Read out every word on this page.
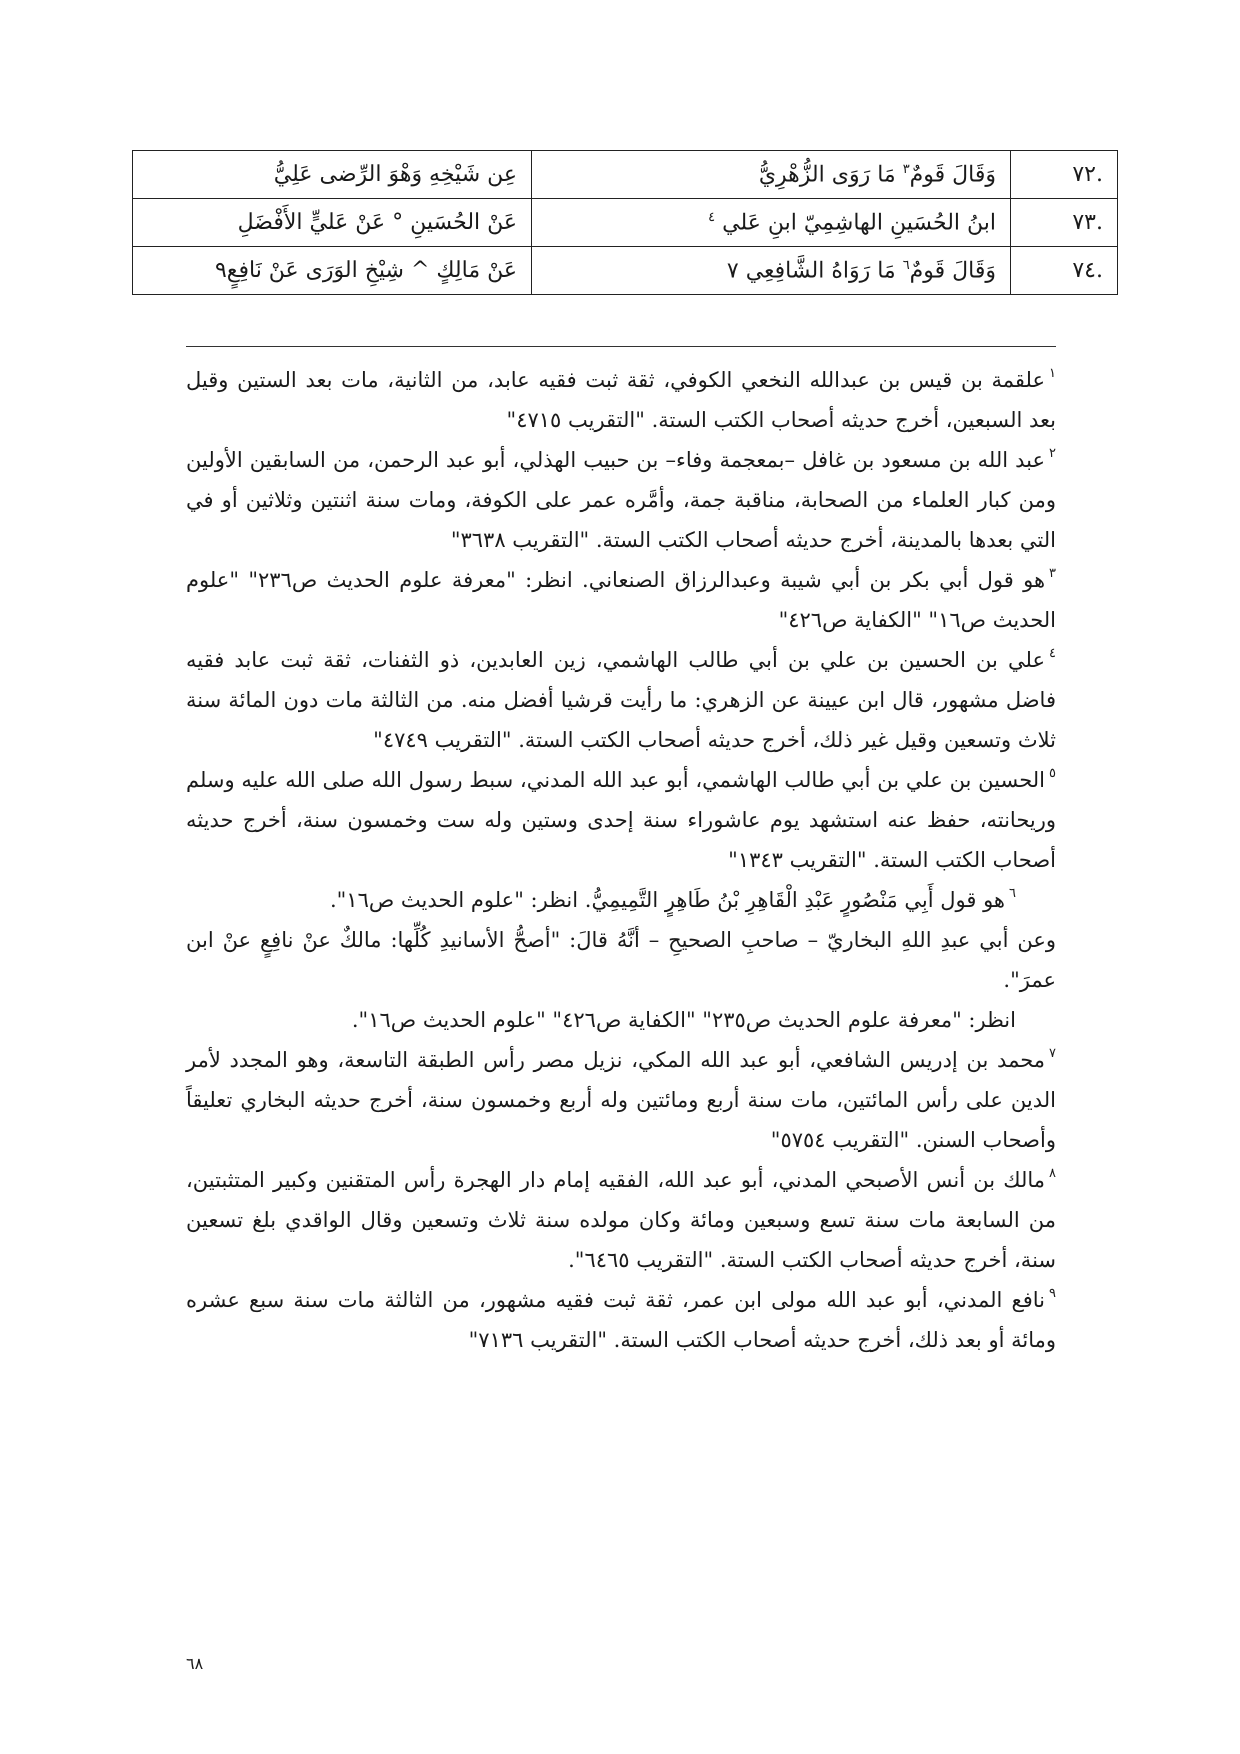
.٧٢	وَقَالَ قَومٌ$^٣$ مَا رَوَى الزُّهْرِيُّ	عِن شَيْخِهِ وَهْوَ الرِّضى عَلِيُّ
.٧٣	ابنُ الحُسَينِ الهاشِمِيّ ابنِ عَلي $^٤$	عَنْ الحُسَينِ ° عَنْ عَليٍّ الأَفْضَلِ
.٧٤	وَقَالَ قَومٌ$^٦$ مَا رَوَاهُ الشَّافِعِي ٧	عَنْ مَالِكٍ ^ شِيْخِ الوَرَى عَنْ نَافِعٍ٩

$^١$علقمة بن قيس بن عبدالله النخعي الكوفي، ثقة ثبت فقيه عابد، من الثانية، مات بعد الستين وقيل بعد السبعين، أخرج حديثه أصحاب الكتب الستة. "التقريب ٤٧١٥"

$^٢$عبد الله بن مسعود بن غافل –بمعجمة وفاء– بن حبيب الهذلي، أبو عبد الرحمن، من السابقين الأولين ومن كبار العلماء من الصحابة، مناقبة جمة، وأمَّره عمر على الكوفة، ومات سنة اثنتين وثلاثين أو في التي بعدها بالمدينة، أخرج حديثه أصحاب الكتب الستة. "التقريب ٣٦٣٨"

$^٣$هو قول أبي بكر بن أبي شيبة وعبدالرزاق الصنعاني. انظر: "معرفة علوم الحديث ص٢٣٦" "علوم الحديث ص١٦" "الكفاية ص٤٢٦"

$^٤$علي بن الحسين بن علي بن أبي طالب الهاشمي، زين العابدين، ذو الثفنات، ثقة ثبت عابد فقيه فاضل مشهور، قال ابن عيينة عن الزهري: ما رأيت قرشيا أفضل منه. من الثالثة مات دون المائة سنة ثلاث وتسعين وقيل غير ذلك، أخرج حديثه أصحاب الكتب الستة. "التقريب ٤٧٤٩"

$^٥$الحسين بن علي بن أبي طالب الهاشمي، أبو عبد الله المدني، سبط رسول الله صلى الله عليه وسلم وريحانته، حفظ عنه استشهد يوم عاشوراء سنة إحدى وستين وله ست وخمسون سنة، أخرج حديثه أصحاب الكتب الستة. "التقريب ١٣٤٣"

$^٦$هو قول أَبِي مَنْصُورٍ عَبْدِ الْقَاهِرِ بْنُ طَاهِرٍ التَّمِيمِيُّ. انظر: "علوم الحديث ص١٦".

وعن أبي عبدِ اللهِ البخاريّ – صاحبِ الصحيحِ – أنَّهُ قالَ: "أصحُّ الأسانيدِ كُلِّها: مالكٌ عنْ نافِعٍ عنْ ابن عمرَ".

انظر: "معرفة علوم الحديث ص٢٣٥" "الكفاية ص٤٢٦" "علوم الحديث ص١٦".

$^٧$محمد بن إدريس الشافعي، أبو عبد الله المكي، نزيل مصر رأس الطبقة التاسعة، وهو المجدد لأمر الدين على رأس المائتين، مات سنة أربع ومائتين وله أربع وخمسون سنة، أخرج حديثه البخاري تعليقاً وأصحاب السنن. "التقريب ٥٧٥٤"

$^٨$مالك بن أنس الأصبحي المدني، أبو عبد الله، الفقيه إمام دار الهجرة رأس المتقنين وكبير المتثبتين، من السابعة مات سنة تسع وسبعين ومائة وكان مولده سنة ثلاث وتسعين وقال الواقدي بلغ تسعين سنة، أخرج حديثه أصحاب الكتب الستة. "التقريب ٦٤٦٥".

$^٩$نافع المدني، أبو عبد الله مولى ابن عمر، ثقة ثبت فقيه مشهور، من الثالثة مات سنة سبع عشره ومائة أو بعد ذلك، أخرج حديثه أصحاب الكتب الستة. "التقريب ٧١٣٦"

٦٨
